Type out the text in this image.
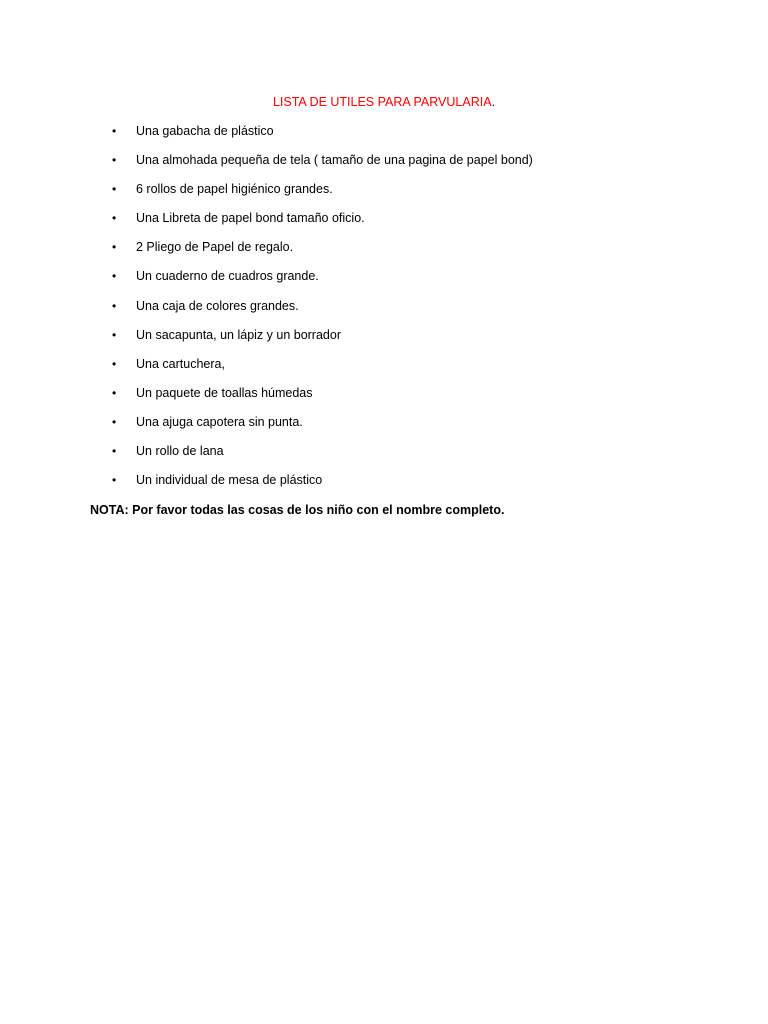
LISTA DE UTILES PARA PARVULARIA.
•	Una gabacha de plástico
•	Una almohada pequeña de tela ( tamaño de una pagina de papel bond)
•	6 rollos de papel higiénico grandes.
•	Una Libreta de papel bond tamaño oficio.
•	2 Pliego de Papel de regalo.
•	Un cuaderno de cuadros grande.
•	Una caja de colores grandes.
•	Un sacapunta, un lápiz y un borrador
•	Una cartuchera,
•	Un paquete de toallas húmedas
•	Una ajuga capotera sin punta.
•	Un rollo de lana
•	Un individual de mesa de plástico
NOTA: Por favor todas las cosas de los niño con el nombre completo.
